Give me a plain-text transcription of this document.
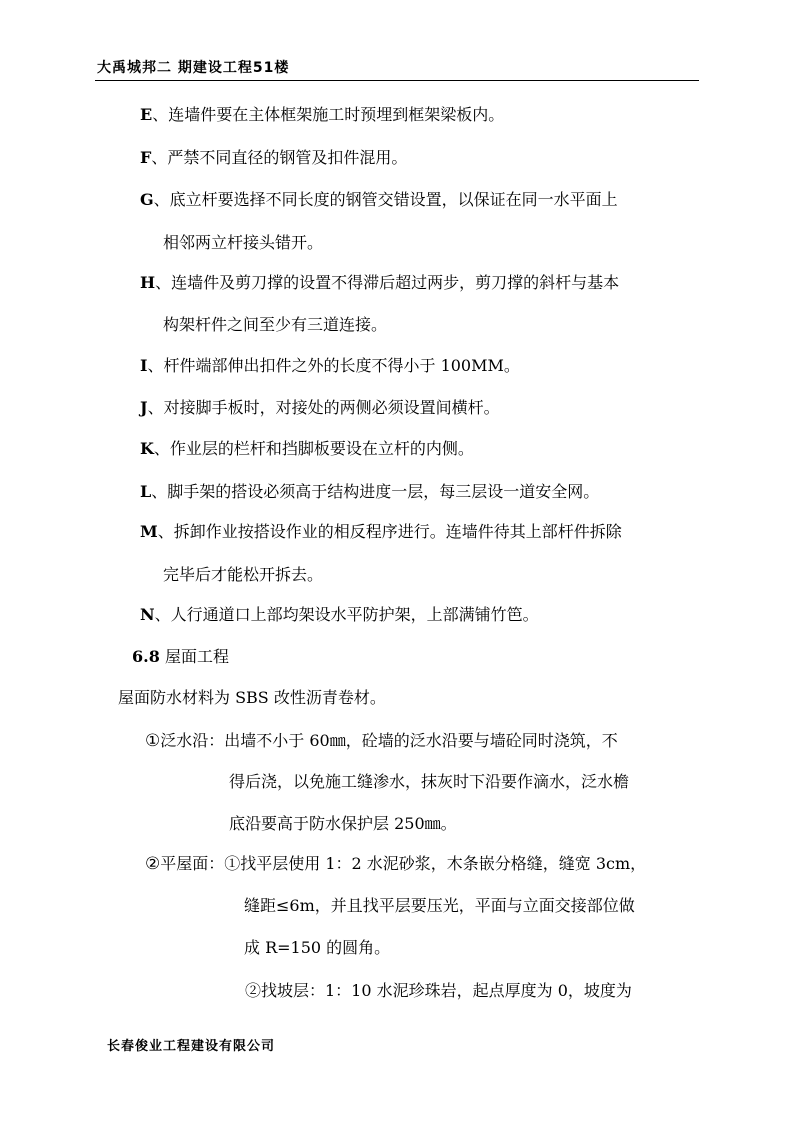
大禹城邦二 期建设工程51楼
E、连墙件要在主体框架施工时预埋到框架梁板内。
F、严禁不同直径的钢管及扣件混用。
G、底立杆要选择不同长度的钢管交错设置，以保证在同一水平面上
相邻两立杆接头错开。
H、连墙件及剪刀撑的设置不得滞后超过两步，剪刀撑的斜杆与基本
构架杆件之间至少有三道连接。
I、杆件端部伸出扣件之外的长度不得小于 100MM。
J、对接脚手板时，对接处的两侧必须设置间横杆。
K、作业层的栏杆和挡脚板要设在立杆的内侧。
L、脚手架的搭设必须高于结构进度一层，每三层设一道安全网。
M、拆卸作业按搭设作业的相反程序进行。连墙件待其上部杆件拆除
完毕后才能松开拆去。
N、人行通道口上部均架设水平防护架，上部满铺竹笆。
6.8 屋面工程
屋面防水材料为 SBS 改性沥青卷材。
①泛水沿：出墙不小于 60㎜，砼墙的泛水沿要与墙砼同时浇筑，不
得后浇，以免施工缝渗水，抹灰时下沿要作滴水，泛水檐
底沿要高于防水保护层 250㎜。
②平屋面：①找平层使用 1：2 水泥砂浆，木条嵌分格缝，缝宽 3cm，
缝距≤6m，并且找平层要压光，平面与立面交接部位做
成 R=150 的圆角。
②找坡层：1：10 水泥珍珠岩，起点厚度为 0，坡度为
长春俊业工程建设有限公司
